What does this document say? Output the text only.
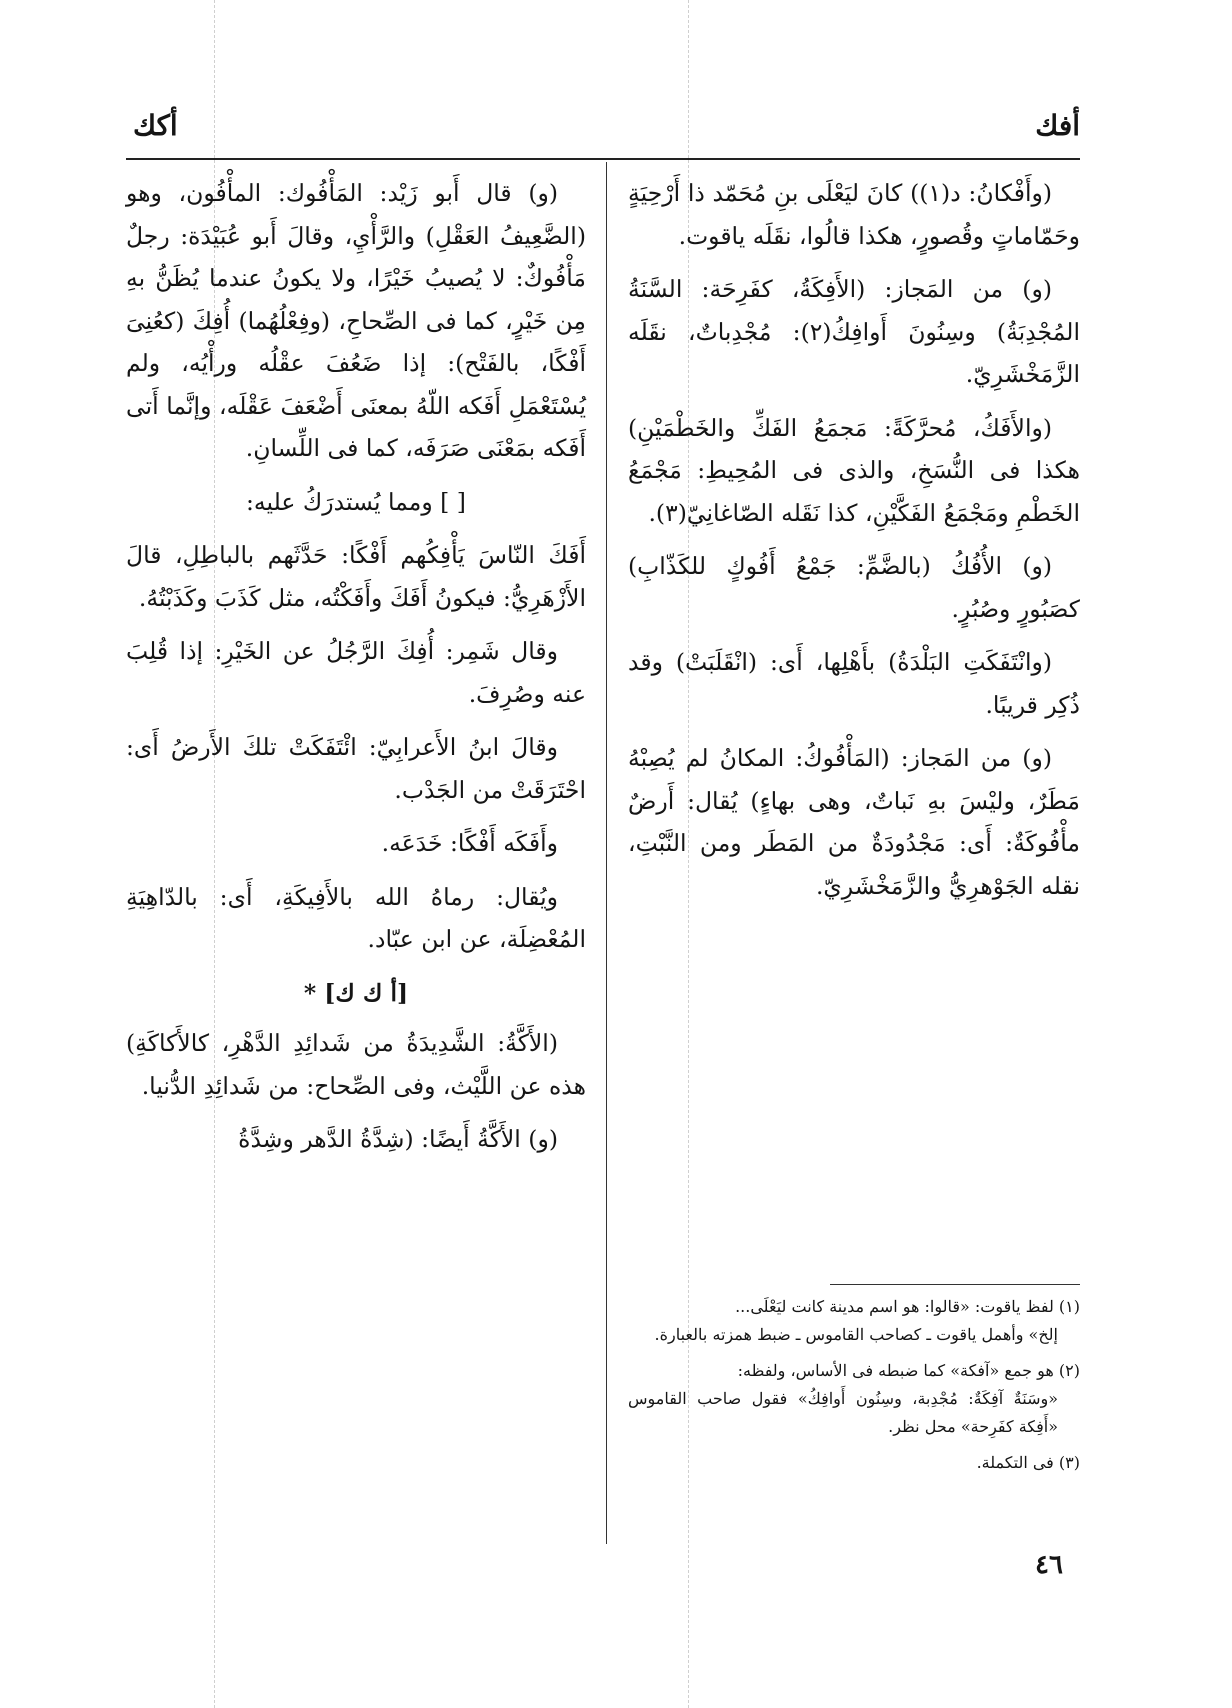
أفك
أكك

(وأَفْكانُ: د(١)) كانَ ليَعْلَى بنِ مُحَمّد ذا أَرْحِيَةٍ وحَمّاماتٍ وقُصورٍ، هكذا قالُوا، نقَلَه ياقوت.

(و) من المَجاز: (الأَفِكَةُ، كفَرِحَة: السَّنَةُ المُجْدِبَةُ) وسِنُونَ أَوافِكُ(٢): مُجْدِباتٌ، نقَلَه الزَّمَخْشَرِيّ.

(والأَفَكُ، مُحرَّكَةً: مَجمَعُ الفَكِّ والخَطْمَيْنِ) هكذا فى النُّسَخِ، والذى فى المُحِيطِ: مَجْمَعُ الخَطْمِ ومَجْمَعُ الفَكَّيْنِ، كذا نَقَله الصّاغانِيّ(٣).

(و) الأُفُكُ (بالضَّمِّ: جَمْعُ أَفُوكٍ للكَذّابِ) كصَبُورٍ وصُبُرٍ.

(وانْتَفَكَتِ البَلْدَةُ) بأَهْلِها، أَى: (انْقَلَبَتْ) وقد ذُكِر قريبًا.

(و) من المَجاز: (المَأْفُوكُ: المكانُ لم يُصِبْهُ مَطَرٌ، وليْسَ بهِ نَباتٌ، وهى بهاءٍ) يُقال: أَرضٌ مأْفُوكَةٌ: أَى: مَجْدُودَةٌ من المَطَر ومن النَّبْتِ، نقله الجَوْهرِيُّ والزَّمَخْشَرِيّ.

(و) قال أَبو زَيْد: المَأْفُوك: المأْفُون، وهو (الضَّعِيفُ العَقْلِ) والرَّأْيِ، وقالَ أَبو عُبَيْدَة: رجلٌ مَأْفُوكٌ: لا يُصيبُ خَيْرًا، ولا يكونُ عندما يُظَنُّ بهِ مِن خَيْرٍ، كما فى الصِّحاحِ، (وفِعْلُهُما) أُفِكَ (كعُنِىَ أَفْكًا، بالفَتْح): إذا ضَعُفَ عقْلُه ورأْيُه، ولم يُسْتَعْمَلِ أَفَكه اللّهُ بمعنَى أَضْعَفَ عَقْلَه، وإنَّما أَتى أَفَكه بمَعْنَى صَرَفَه، كما فى اللِّسانِ.

[ ] ومما يُستدرَكُ عليه:

أَفَكَ النّاسَ يَأْفِكُهم أَفْكًا: حَدَّثَهم بالباطِلِ، قالَ الأَزْهَرِيُّ: فيكونُ أَفَكَ وأَفَكْتُه، مثل كَذَبَ وكَذَبْتُهُ.

وقال شَمِر: أُفِكَ الرَّجُلُ عن الخَيْرِ: إذا قُلِبَ عنه وصُرِفَ.

وقالَ ابنُ الأَعرابِيّ: ائْتَفَكَتْ تلكَ الأَرضُ أَى: احْتَرَقَتْ من الجَدْب.

وأَفَكَه أَفْكًا: خَدَعَه.

ويُقال: رماهُ الله بالأَفِيكَةِ، أَى: بالدّاهِيَةِ المُعْضِلَة، عن ابن عبّاد.

[أ ك ك] *

(الأَكَّةُ: الشَّدِيدَةُ من شَدائِدِ الدَّهْرِ، كالأَكاكَةِ) هذه عن اللَّيْث، وفى الصِّحاح: من شَدائِدِ الدُّنيا.

(و) الأَكَّةُ أَيضًا: (شِدَّةُ الدَّهر وشِدَّةُ

(١) لفظ ياقوت: «قالوا: هو اسم مدينة كانت ليَعْلَى...
إلخ» وأهمل ياقوت ـ كصاحب القاموس ـ ضبط همزته بالعبارة.
(٢) هو جمع «آفكة» كما ضبطه فى الأساس، ولفظه:
«وسَنَةٌ آفِكَةٌ: مُجْدِبة، وسِنُون أَوافِكُ» فقول صاحب القاموس «أَفِكة كفَرِحة» محل نظر.
(٣) فى التكملة.
٤٦
